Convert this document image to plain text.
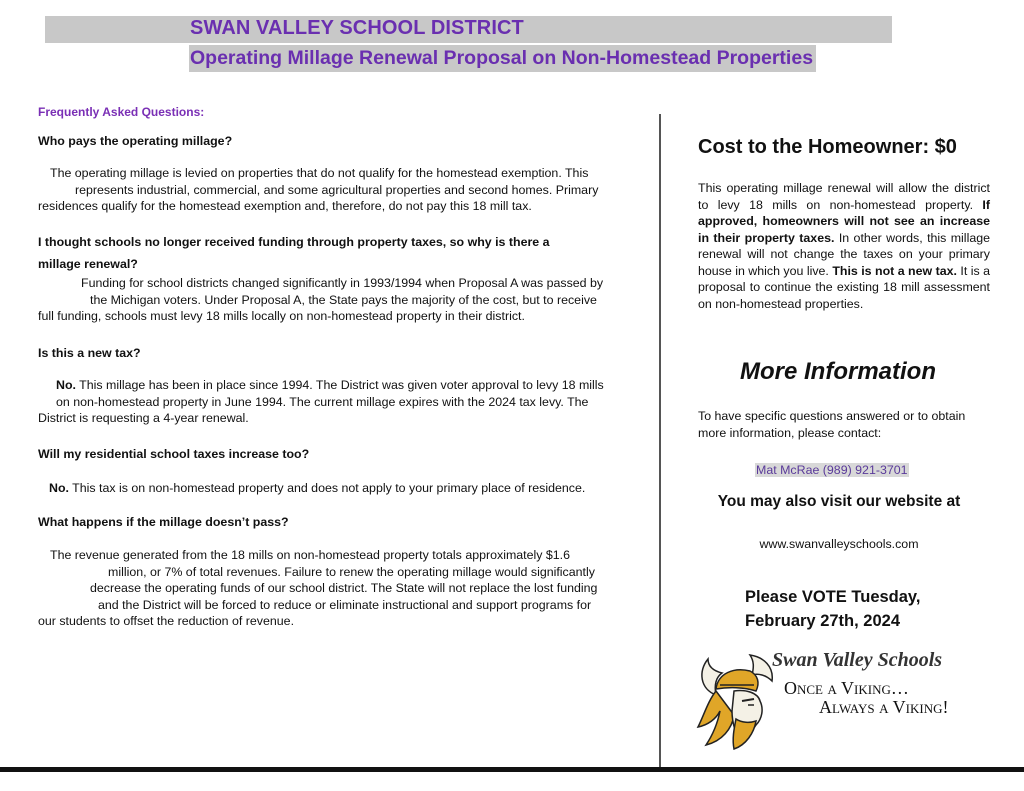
SWAN VALLEY SCHOOL DISTRICT
Operating Millage Renewal Proposal on Non-Homestead Properties
Frequently Asked Questions:
Who pays the operating millage?

The operating millage is levied on properties that do not qualify for the homestead exemption. This

represents industrial, commercial, and some agricultural properties and second homes. Primary

residences qualify for the homestead exemption and, therefore, do not pay this 18 mill tax.

I thought schools no longer received funding through property taxes, so why is there a
millage renewal?

Funding for school districts changed significantly in 1993/1994 when Proposal A was passed by

the Michigan voters. Under Proposal A, the State pays the majority of the cost, but to receive

full funding, schools must levy 18 mills locally on non-homestead property in their district.

Is this a new tax?

No. This millage has been in place since 1994. The District was given voter approval to levy 18 mills

on non-homestead property in June 1994. The current millage expires with the 2024 tax levy. The

District is requesting a 4-year renewal.

Will my residential school taxes increase too?

No. This tax is on non-homestead property and does not apply to your primary place of residence.

What happens if the millage doesn’t pass?

The revenue generated from the 18 mills on non-homestead property totals approximately $1.6

million, or 7% of total revenues. Failure to renew the operating millage would significantly

decrease the operating funds of our school district. The State will not replace the lost funding

and the District will be forced to reduce or eliminate instructional and support programs for

our students to offset the reduction of revenue.

Cost to the Homeowner: $0
This operating millage renewal will allow the district to levy 18 mills on non-homestead property. If approved, homeowners will not see an increase in their property taxes. In other words, this millage renewal will not change the taxes on your primary house in which you live. This is not a new tax. It is a proposal to continue the existing 18 mill assessment on non-homestead properties.
More Information
To have specific questions answered or to obtain more information, please contact:
Mat McRae (989) 921-3701
You may also visit our website at
www.swanvalleyschools.com
Please VOTE Tuesday,
February 27th, 2024
Swan Valley Schools
Once a Viking…
Always a Viking!
